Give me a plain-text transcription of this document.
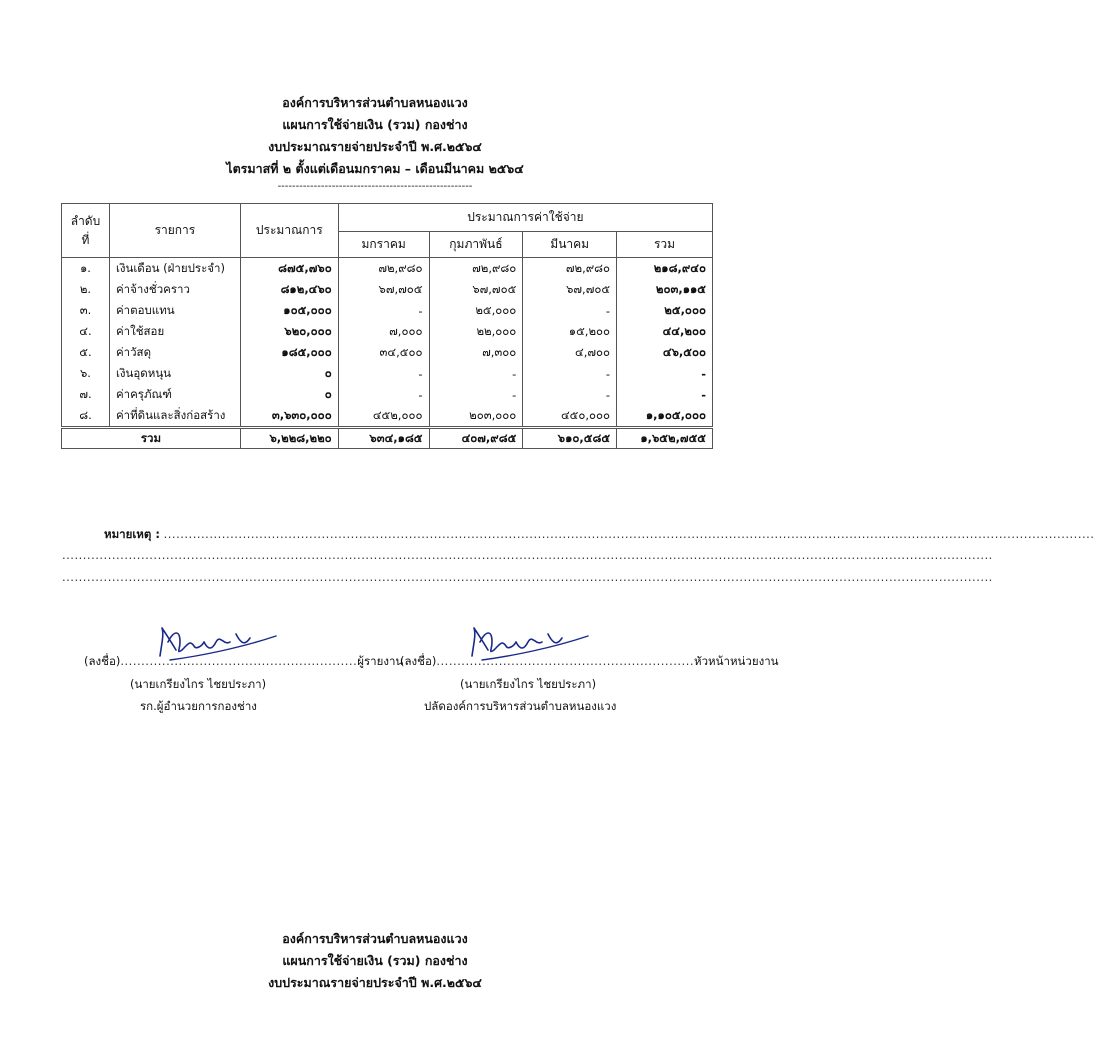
องค์การบริหารส่วนตำบลหนองแวง
แผนการใช้จ่ายเงิน (รวม) กองช่าง
งบประมาณรายจ่ายประจำปี พ.ศ.๒๕๖๔
ไตรมาสที่ ๒ ตั้งแต่เดือนมกราคม – เดือนมีนาคม ๒๕๖๔
------------------------------------------------------
ลำดับ
ที่	รายการ	ประมาณการ	ประมาณการค่าใช้จ่าย			
			มกราคม	กุมภาพันธ์	มีนาคม	รวม
๑.	เงินเดือน (ฝ่ายประจำ)	๘๗๕,๗๖๐	๗๒,๙๘๐	๗๒,๙๘๐	๗๒,๙๘๐	๒๑๘,๙๔๐
๒.	ค่าจ้างชั่วคราว	๘๑๒,๔๖๐	๖๗,๗๐๕	๖๗,๗๐๕	๖๗,๗๐๕	๒๐๓,๑๑๕
๓.	ค่าตอบแทน	๑๐๕,๐๐๐	-	๒๕,๐๐๐	-	๒๕,๐๐๐
๔.	ค่าใช้สอย	๖๒๐,๐๐๐	๗,๐๐๐	๒๒,๐๐๐	๑๕,๒๐๐	๔๔,๒๐๐
๕.	ค่าวัสดุ	๑๘๕,๐๐๐	๓๔,๕๐๐	๗,๓๐๐	๔,๗๐๐	๔๖,๕๐๐
๖.	เงินอุดหนุน	๐	-	-	-	-
๗.	ค่าครุภัณฑ์	๐	-	-	-	-
๘.	ค่าที่ดินและสิ่งก่อสร้าง	๓,๖๓๐,๐๐๐	๔๕๒,๐๐๐	๒๐๓,๐๐๐	๔๕๐,๐๐๐	๑,๑๐๕,๐๐๐
รวม		๖,๒๒๘,๒๒๐	๖๓๔,๑๘๕	๔๐๗,๙๘๕	๖๑๐,๕๘๕	๑,๖๕๒,๗๕๕
หมายเหตุ : ................................................................................................................................................................................................................................
................................................................................................................................................................................................................................
................................................................................................................................................................................................................................
(ลงชื่อ).........................................................ผู้รายงาน
(นายเกรียงไกร ไชยประภา)
รก.ผู้อำนวยการกองช่าง
(ลงชื่อ)..............................................................หัวหน้าหน่วยงาน
(นายเกรียงไกร ไชยประภา)
ปลัดองค์การบริหารส่วนตำบลหนองแวง
องค์การบริหารส่วนตำบลหนองแวง
แผนการใช้จ่ายเงิน (รวม) กองช่าง
งบประมาณรายจ่ายประจำปี พ.ศ.๒๕๖๔
